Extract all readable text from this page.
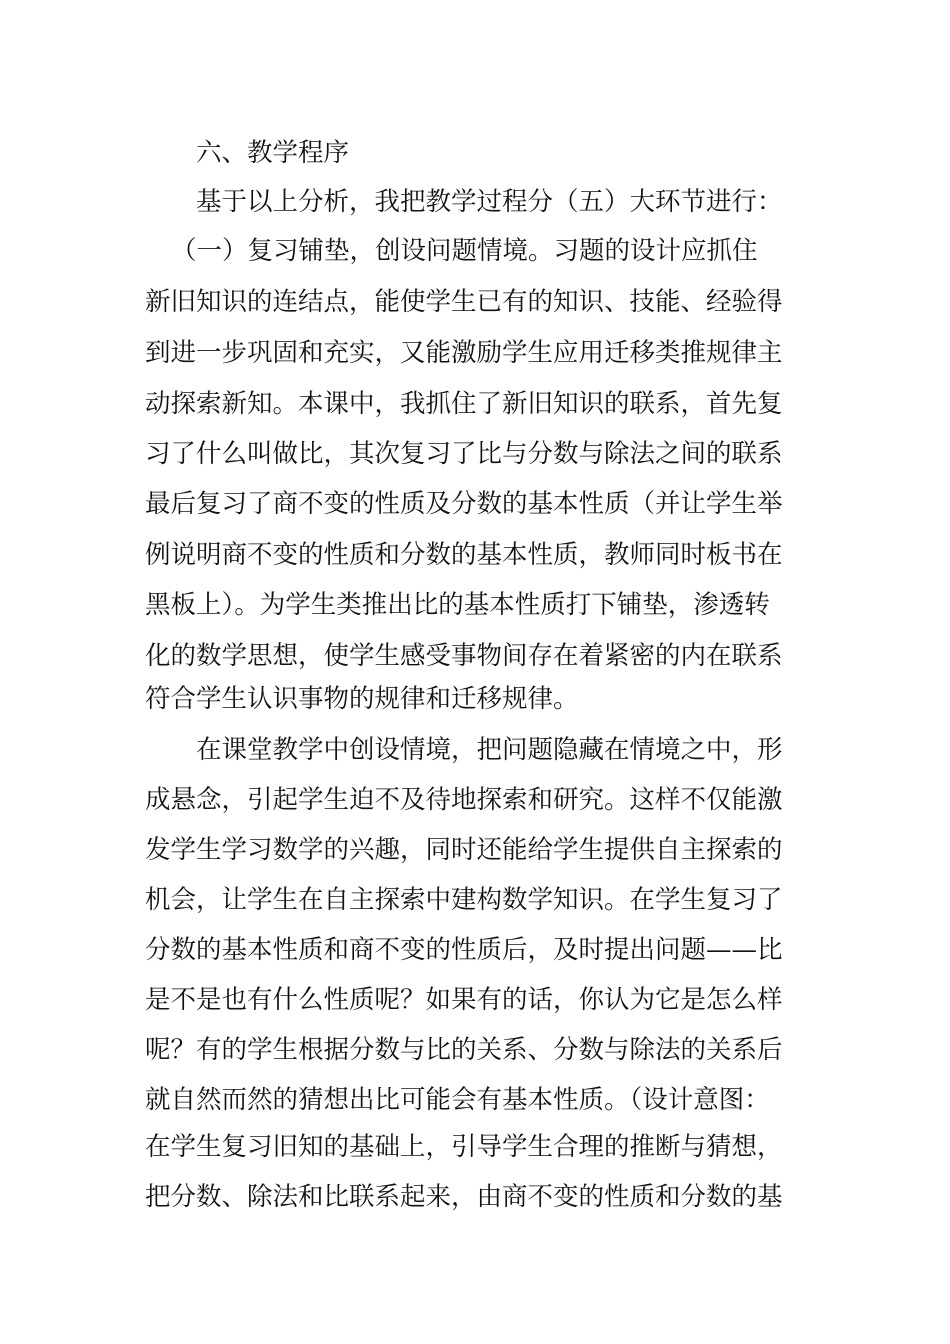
六、教学程序
基于以上分析，我把教学过程分（五）大环节进行：
（一）复习铺垫，创设问题情境。习题的设计应抓住
新旧知识的连结点，能使学生已有的知识、技能、经验得
到进一步巩固和充实，又能激励学生应用迁移类推规律主
动探索新知。本课中，我抓住了新旧知识的联系，首先复
习了什么叫做比，其次复习了比与分数与除法之间的联系
最后复习了商不变的性质及分数的基本性质（并让学生举
例说明商不变的性质和分数的基本性质，教师同时板书在
黑板上）。为学生类推出比的基本性质打下铺垫，渗透转
化的数学思想，使学生感受事物间存在着紧密的内在联系
符合学生认识事物的规律和迁移规律。
在课堂教学中创设情境，把问题隐藏在情境之中，形
成悬念，引起学生迫不及待地探索和研究。这样不仅能激
发学生学习数学的兴趣，同时还能给学生提供自主探索的
机会，让学生在自主探索中建构数学知识。在学生复习了
分数的基本性质和商不变的性质后，及时提出问题——比
是不是也有什么性质呢？如果有的话，你认为它是怎么样
呢？有的学生根据分数与比的关系、分数与除法的关系后
就自然而然的猜想出比可能会有基本性质。（设计意图：
在学生复习旧知的基础上，引导学生合理的推断与猜想，
把分数、除法和比联系起来，由商不变的性质和分数的基
